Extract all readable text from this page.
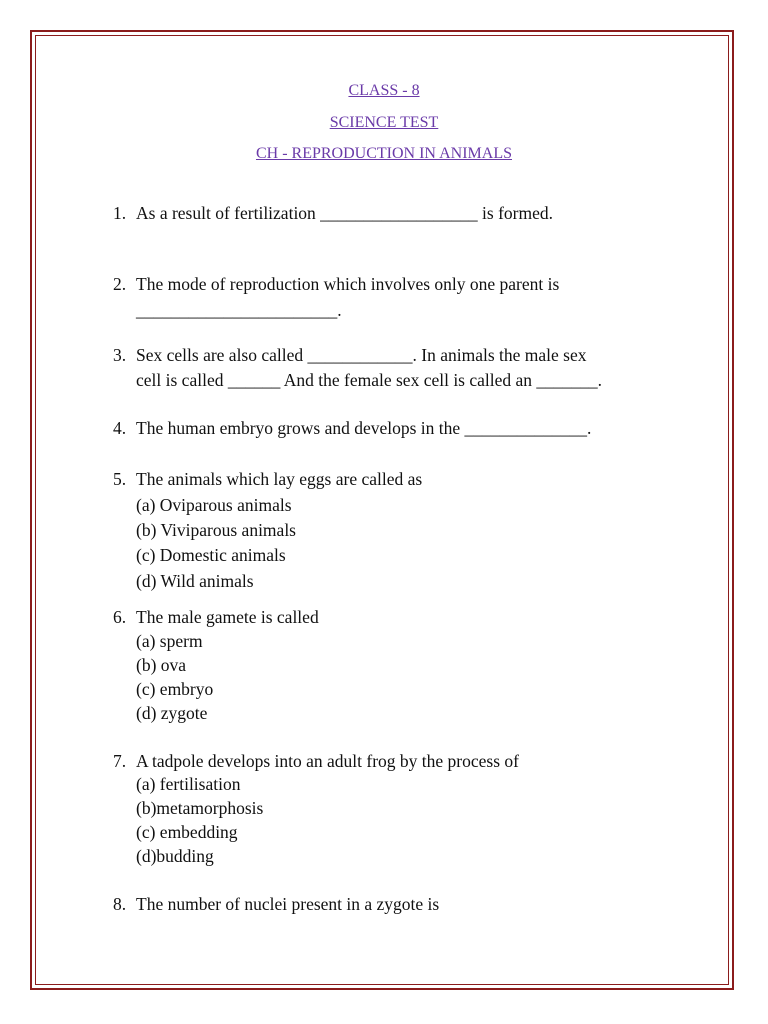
CLASS - 8
SCIENCE TEST
CH - REPRODUCTION IN ANIMALS
1. As a result of fertilization __________________ is formed.
2. The mode of reproduction which involves only one parent is
_______________________.
3. Sex cells are also called ____________. In animals the male sex
cell is called ______ And the female sex cell is called an _______.
4. The human embryo grows and develops in the ______________.
5. The animals which lay eggs are called as
(a) Oviparous animals
(b) Viviparous animals
(c) Domestic animals
(d) Wild animals
6. The male gamete is called
(a) sperm
(b) ova
(c) embryo
(d) zygote
7. A tadpole develops into an adult frog by the process of
(a) fertilisation
(b)metamorphosis
(c) embedding
(d)budding
8. The number of nuclei present in a zygote is
